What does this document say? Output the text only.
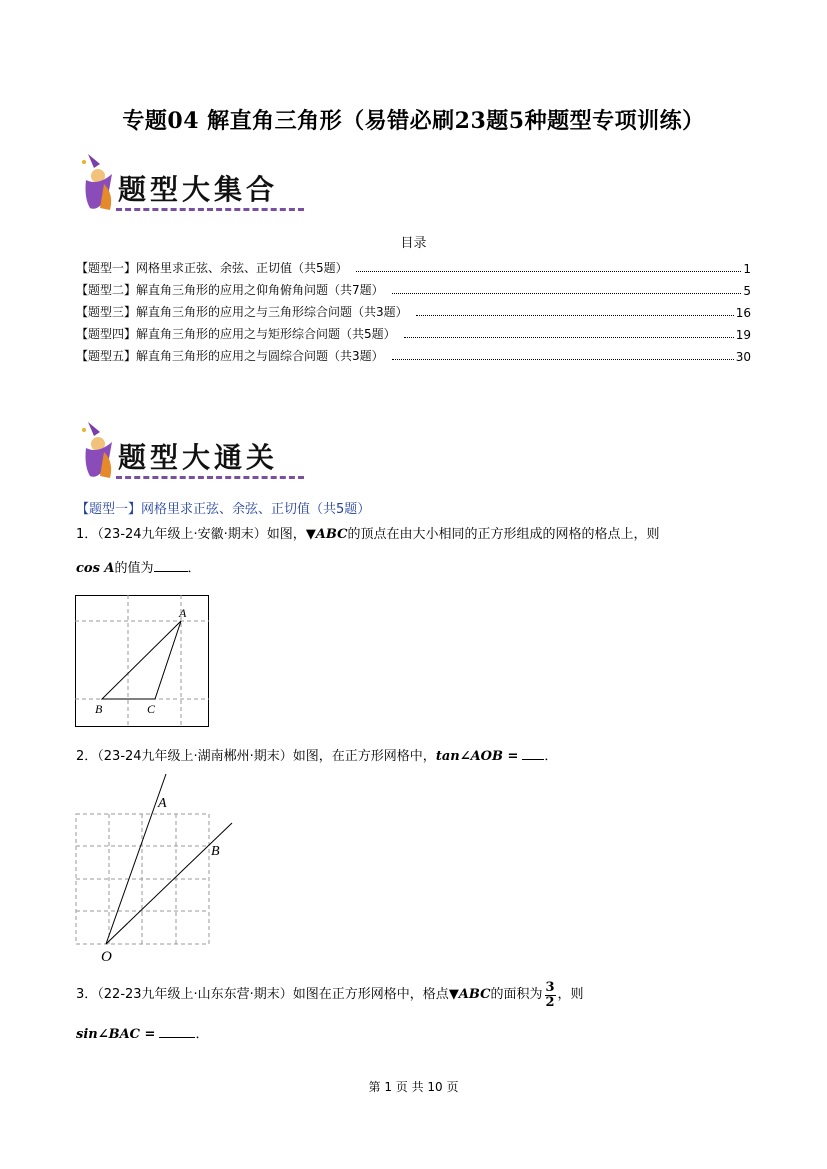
专题04 解直角三角形（易错必刷23题5种题型专项训练）
题型大集合
目录
【题型一】网格里求正弦、余弦、正切值（共5题）	1
【题型二】解直角三角形的应用之仰角俯角问题（共7题）	5
【题型三】解直角三角形的应用之与三角形综合问题（共3题）	16
【题型四】解直角三角形的应用之与矩形综合问题（共5题）	19
【题型五】解直角三角形的应用之与圆综合问题（共3题）	30
题型大通关
【题型一】网格里求正弦、余弦、正切值（共5题）
1．（23-24九年级上·安徽·期末）如图，▼ABC的顶点在由大小相同的正方形组成的网格的格点上，则
cos A的值为	．
A
B	C
2．（23-24九年级上·湖南郴州·期末）如图，在正方形网格中，tan∠AOB = ．
A
B
O
3．（22-23九年级上·山东东营·期末）如图在正方形网格中，格点 ▼ABC 的面积为 $\frac{3}{2}$ ，则
sin∠BAC =	．
第 1 页 共 10 页
